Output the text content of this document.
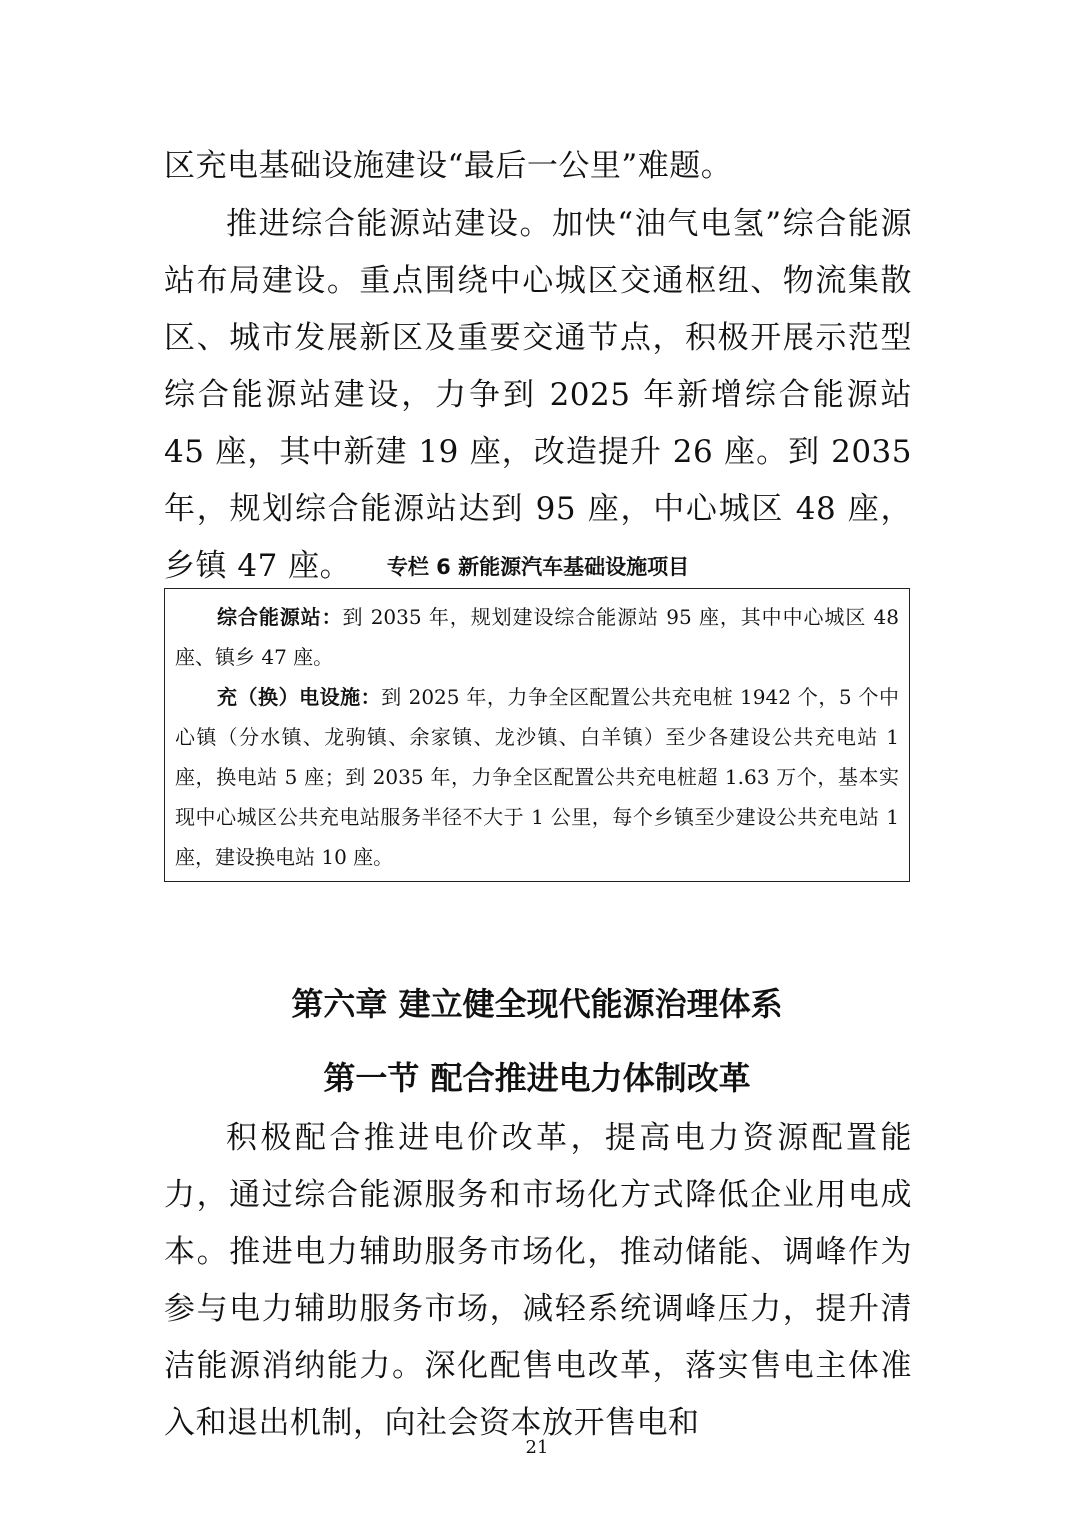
区充电基础设施建设“最后一公里”难题。

推进综合能源站建设。加快“油气电氢”综合能源站布局建设。重点围绕中心城区交通枢纽、物流集散区、城市发展新区及重要交通节点，积极开展示范型综合能源站建设，力争到 2025 年新增综合能源站 45 座，其中新建 19 座，改造提升 26 座。到 2035 年，规划综合能源站达到 95 座，中心城区 48 座，乡镇 47 座。	专栏 6 新能源汽车基础设施项目

综合能源站：到 2035 年，规划建设综合能源站 95 座，其中中心城区 48 座、镇乡 47 座。

充（换）电设施：到 2025 年，力争全区配置公共充电桩 1942 个，5 个中心镇（分水镇、龙驹镇、余家镇、龙沙镇、白羊镇）至少各建设公共充电站 1 座，换电站 5 座；到 2035 年，力争全区配置公共充电桩超 1.63 万个，基本实现中心城区公共充电站服务半径不大于 1 公里，每个乡镇至少建设公共充电站 1 座，建设换电站 10 座。

第六章 建立健全现代能源治理体系
第一节 配合推进电力体制改革

积极配合推进电价改革，提高电力资源配置能力，通过综合能源服务和市场化方式降低企业用电成本。推进电力辅助服务市场化，推动储能、调峰作为参与电力辅助服务市场，减轻系统调峰压力，提升清洁能源消纳能力。深化配售电改革，落实售电主体准入和退出机制，向社会资本放开售电和

21
